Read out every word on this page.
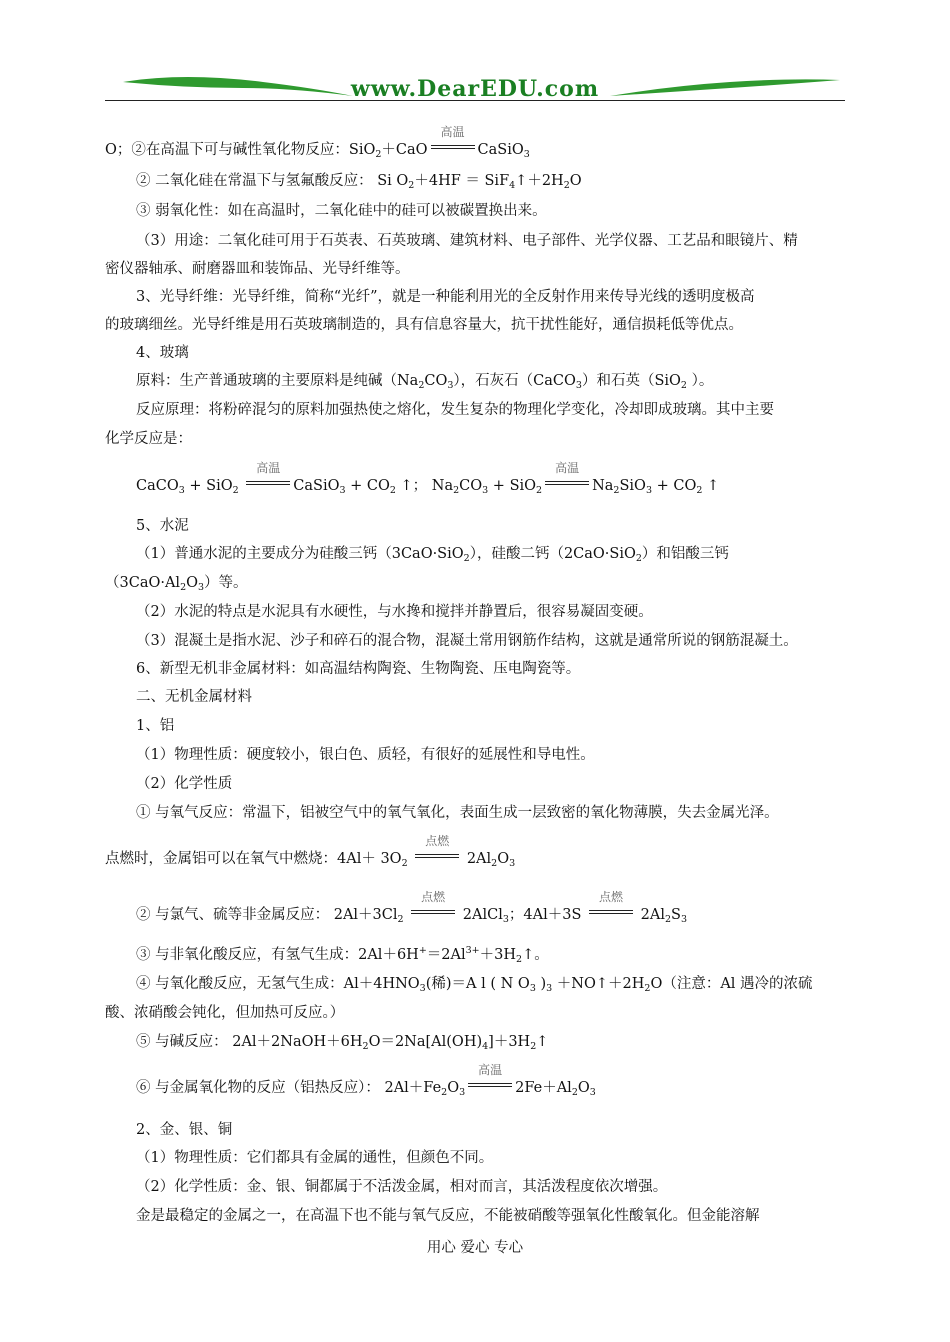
www.DearEDU.com
O；②在高温下可与碱性氧化物反应：SiO$_2$＋CaO
高温
CaSiO$_3$
② 二氧化硅在常温下与氢氟酸反应： Si $O_2+4HF$ ＝ $SiF_4↑+2H_2O$
③ 弱氧化性：如在高温时，二氧化硅中的硅可以被碳置换出来。
（3）用途：二氧化硅可用于石英表、石英玻璃、建筑材料、电子部件、光学仪器、工艺品和眼镜片、精
密仪器轴承、耐磨器皿和装饰品、光导纤维等。
3、光导纤维：光导纤维，简称“光纤”，就是一种能利用光的全反射作用来传导光线的透明度极高
的玻璃细丝。光导纤维是用石英玻璃制造的，具有信息容量大，抗干扰性能好，通信损耗低等优点。
4、玻璃
原料：生产普通玻璃的主要原料是纯碱$(Na_2CO_3)$，石灰石（CaCO$_3$）和石英（SiO$_2$ ）。
反应原理：将粉碎混匀的原料加强热使之熔化，发生复杂的物理化学变化，冷却即成玻璃。其中主要
化学反应是：
CaCO$_3$ + SiO$_2$
高温
CaSiO$_3$ + $CO_2$ ↑； $Na_2CO_3 + SiO_2$
高温
$Na_2SiO_3 + CO_2$ ↑
5、水泥
（1）普通水泥的主要成分为硅酸三钙（3CaO·SiO$_2$），硅酸二钙（2CaO·SiO$_2$）和铝酸三钙
$(3CaO\cdot Al_2O_3)$等。
（2）水泥的特点是水泥具有水硬性，与水搀和搅拌并静置后，很容易凝固变硬。
（3）混凝土是指水泥、沙子和碎石的混合物，混凝土常用钢筋作结构，这就是通常所说的钢筋混凝土。
6、新型无机非金属材料：如高温结构陶瓷、生物陶瓷、压电陶瓷等。
二、无机金属材料
1、铝
（1）物理性质：硬度较小，银白色、质轻，有很好的延展性和导电性。
（2）化学性质
① 与氧气反应：常温下，铝被空气中的氧气氧化，表面生成一层致密的氧化物薄膜，失去金属光泽。
点燃时，金属铝可以在氧气中燃烧：$4Al+ 3O_2$
点燃
$2Al_2O_3$
② 与氯气、硫等非金属反应： $2Al+3Cl_2$
点燃
2AlCl$_3$；4Al＋3S
点燃
$2Al_2S_3$
③ 与非氧化酸反应，有氢气生成：$2Al+6H^+=2Al^{3+}+3H_2↑$。
④ 与氧化酸反应，无氢气生成：$Al+4HNO_3$(稀)＝A l ( N $O_3$ )$_3$ $+NO↑+2H_2O$（注意：Al 遇冷的浓硫
酸、浓硝酸会钝化，但加热可反应。）
⑤ 与碱反应： $2Al+2NaOH+6H_2O=2Na[Al(OH)_4]+3H_2↑$
⑥ 与金属氧化物的反应（铝热反应）： $2Al+Fe_2O_3$
高温
$2Fe+Al_2O_3$
2、金、银、铜
（1）物理性质：它们都具有金属的通性，但颜色不同。
（2）化学性质：金、银、铜都属于不活泼金属，相对而言，其活泼程度依次增强。
金是最稳定的金属之一，在高温下也不能与氧气反应，不能被硝酸等强氧化性酸氧化。但金能溶解
用心 爱心 专心
